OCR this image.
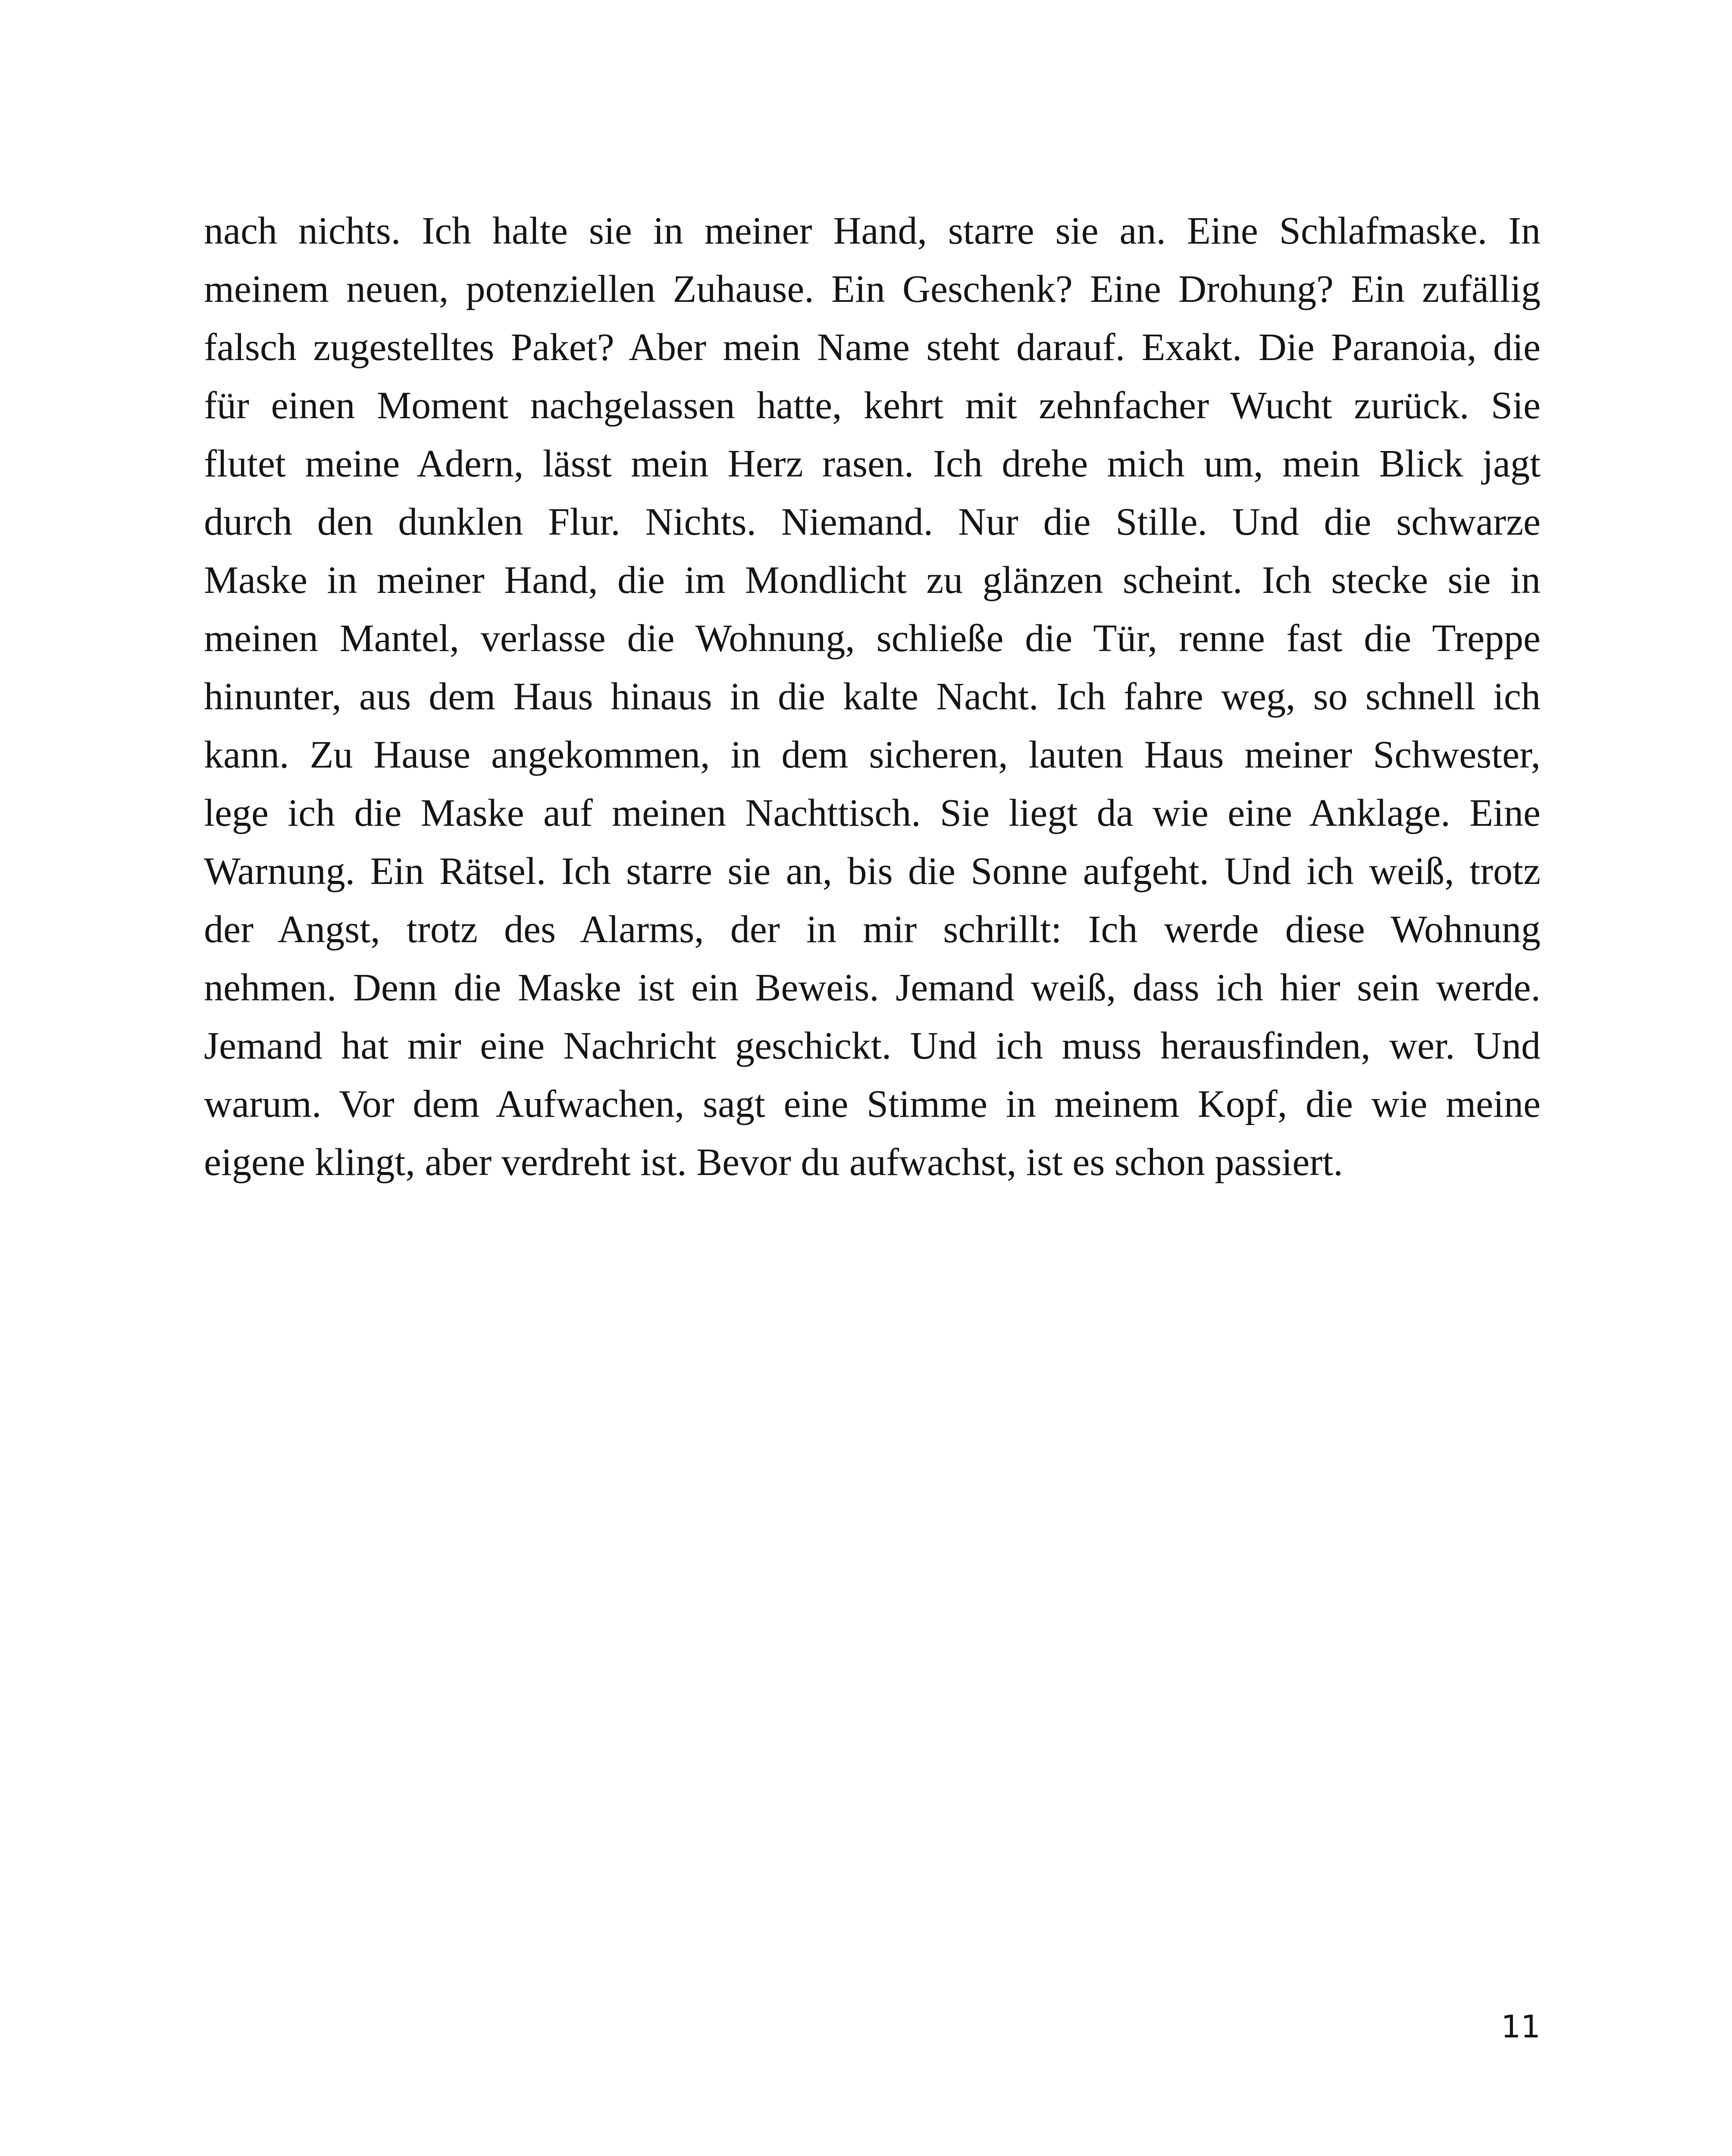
nach nichts. Ich halte sie in meiner Hand, starre sie an. Eine Schlafmaske. In
meinem neuen, potenziellen Zuhause. Ein Geschenk? Eine Drohung? Ein zufällig
falsch zugestelltes Paket? Aber mein Name steht darauf. Exakt. Die Paranoia, die
für einen Moment nachgelassen hatte, kehrt mit zehnfacher Wucht zurück. Sie
flutet meine Adern, lässt mein Herz rasen. Ich drehe mich um, mein Blick jagt
durch den dunklen Flur. Nichts. Niemand. Nur die Stille. Und die schwarze
Maske in meiner Hand, die im Mondlicht zu glänzen scheint. Ich stecke sie in
meinen Mantel, verlasse die Wohnung, schließe die Tür, renne fast die Treppe
hinunter, aus dem Haus hinaus in die kalte Nacht. Ich fahre weg, so schnell ich
kann. Zu Hause angekommen, in dem sicheren, lauten Haus meiner Schwester,
lege ich die Maske auf meinen Nachttisch. Sie liegt da wie eine Anklage. Eine
Warnung. Ein Rätsel. Ich starre sie an, bis die Sonne aufgeht. Und ich weiß, trotz
der Angst, trotz des Alarms, der in mir schrillt: Ich werde diese Wohnung
nehmen. Denn die Maske ist ein Beweis. Jemand weiß, dass ich hier sein werde.
Jemand hat mir eine Nachricht geschickt. Und ich muss herausfinden, wer. Und
warum. Vor dem Aufwachen, sagt eine Stimme in meinem Kopf, die wie meine
eigene klingt, aber verdreht ist. Bevor du aufwachst, ist es schon passiert.

11
